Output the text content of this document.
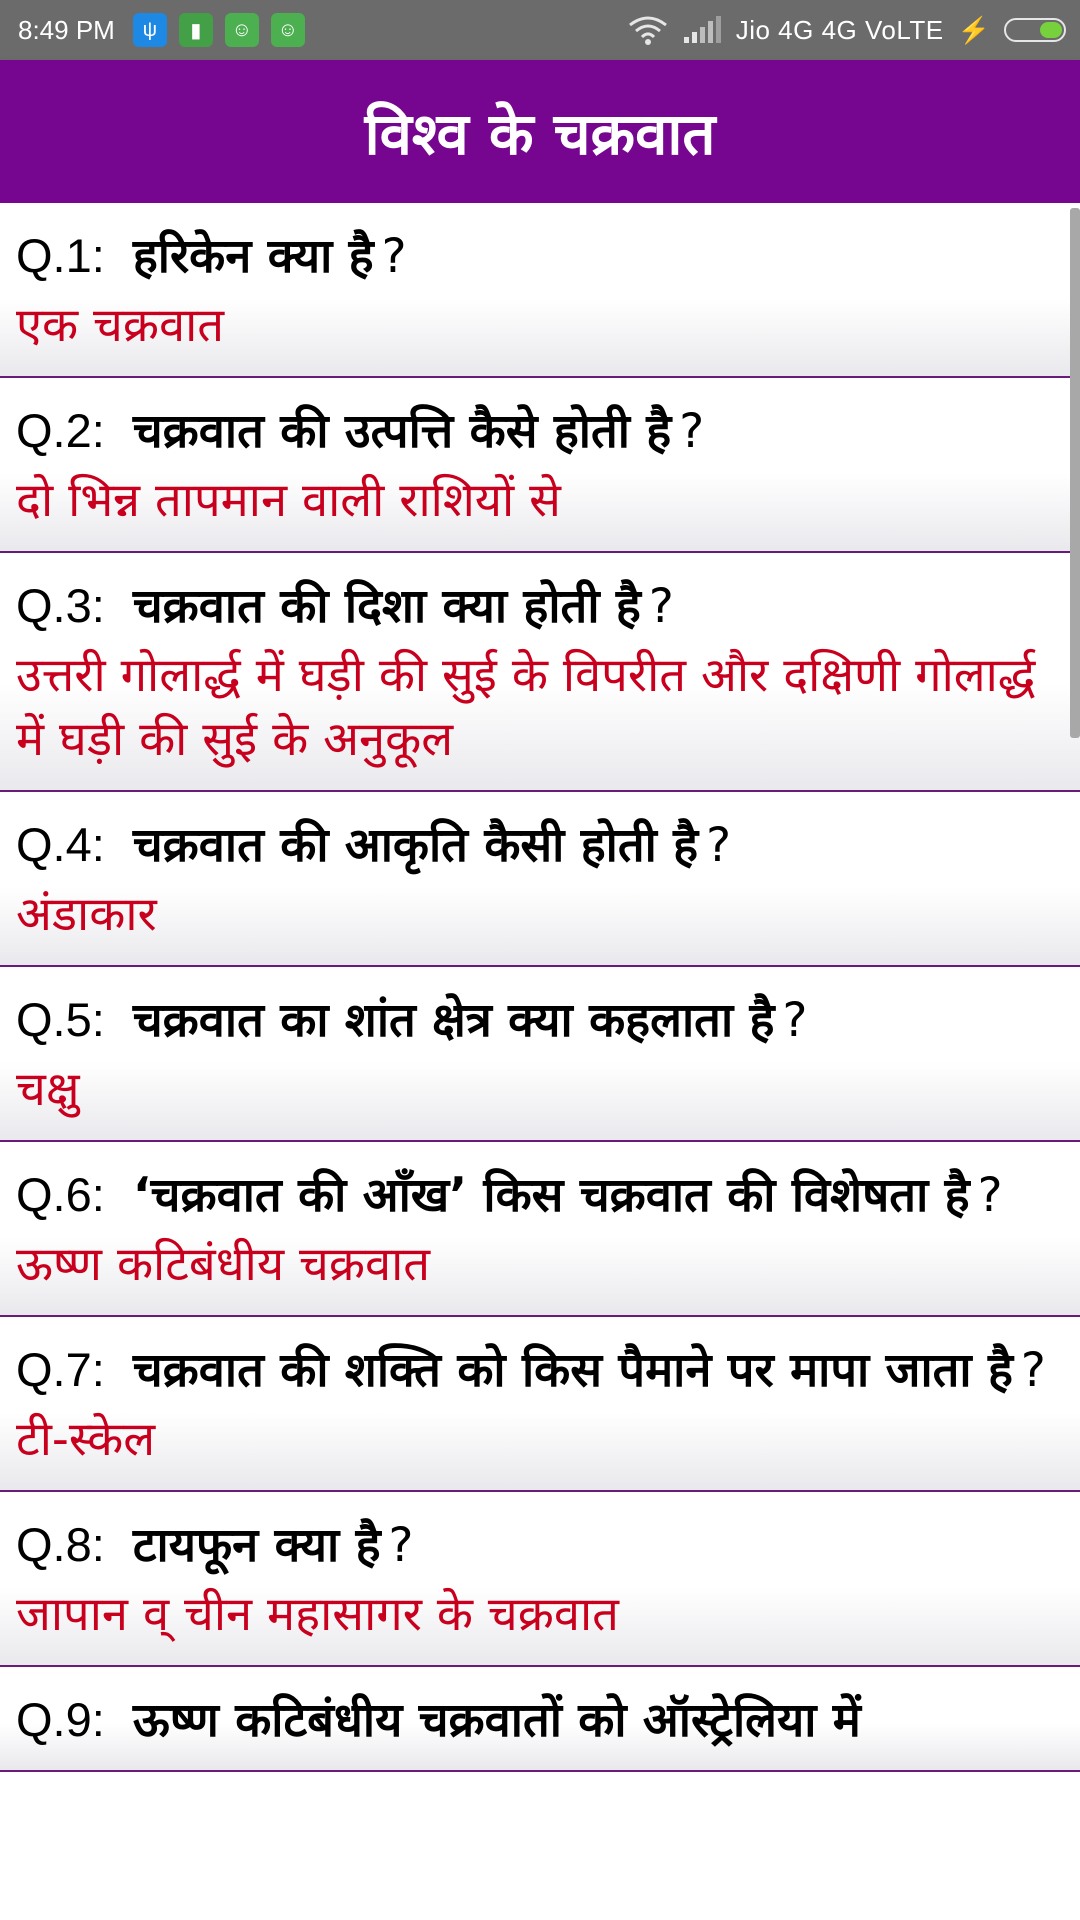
8:49 PM	ψ	▮	☺	☺	Jio 4G 4G VoLTE ⚡
विश्व के चक्रवात
Q.1: हरिकेन क्या है ?
एक चक्रवात
Q.2: चक्रवात की उत्पत्ति कैसे होती है ?
दो भिन्न तापमान वाली राशियों से
Q.3: चक्रवात की दिशा क्या होती है ?
उत्तरी गोलार्द्ध में घड़ी की सुई के विपरीत और दक्षिणी गोलार्द्ध में घड़ी की सुई के अनुकूल
Q.4: चक्रवात की आकृति कैसी होती है ?
अंडाकार
Q.5: चक्रवात का शांत क्षेत्र क्या कहलाता है ?
चक्षु
Q.6: ‘चक्रवात की आँख’ किस चक्रवात की विशेषता है ?
ऊष्ण कटिबंधीय चक्रवात
Q.7: चक्रवात की शक्ति को किस पैमाने पर मापा जाता है ?
टी-स्केल
Q.8: टायफून क्या है ?
जापान व् चीन महासागर के चक्रवात
Q.9: ऊष्ण कटिबंधीय चक्रवातों को ऑस्ट्रेलिया में
